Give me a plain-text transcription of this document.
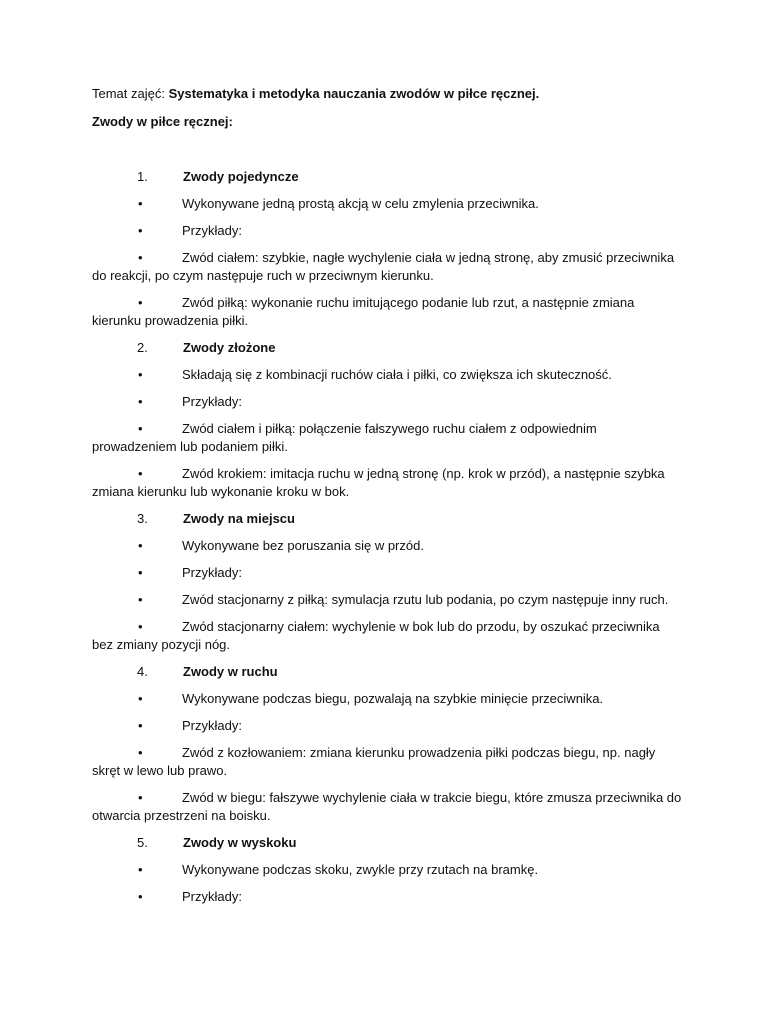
Temat zajęć: Systematyka i metodyka nauczania zwodów w piłce ręcznej.
Zwody w piłce ręcznej:
1.	Zwody pojedyncze
•	Wykonywane jedną prostą akcją w celu zmylenia przeciwnika.
•	Przykłady:
•	Zwód ciałem: szybkie, nagłe wychylenie ciała w jedną stronę, aby zmusić przeciwnika do reakcji, po czym następuje ruch w przeciwnym kierunku.
•	Zwód piłką: wykonanie ruchu imitującego podanie lub rzut, a następnie zmiana kierunku prowadzenia piłki.
2.	Zwody złożone
•	Składają się z kombinacji ruchów ciała i piłki, co zwiększa ich skuteczność.
•	Przykłady:
•	Zwód ciałem i piłką: połączenie fałszywego ruchu ciałem z odpowiednim prowadzeniem lub podaniem piłki.
•	Zwód krokiem: imitacja ruchu w jedną stronę (np. krok w przód), a następnie szybka zmiana kierunku lub wykonanie kroku w bok.
3.	Zwody na miejscu
•	Wykonywane bez poruszania się w przód.
•	Przykłady:
•	Zwód stacjonarny z piłką: symulacja rzutu lub podania, po czym następuje inny ruch.
•	Zwód stacjonarny ciałem: wychylenie w bok lub do przodu, by oszukać przeciwnika bez zmiany pozycji nóg.
4.	Zwody w ruchu
•	Wykonywane podczas biegu, pozwalają na szybkie minięcie przeciwnika.
•	Przykłady:
•	Zwód z kozłowaniem: zmiana kierunku prowadzenia piłki podczas biegu, np. nagły skręt w lewo lub prawo.
•	Zwód w biegu: fałszywe wychylenie ciała w trakcie biegu, które zmusza przeciwnika do otwarcia przestrzeni na boisku.
5.	Zwody w wyskoku
•	Wykonywane podczas skoku, zwykle przy rzutach na bramkę.
•	Przykłady:
